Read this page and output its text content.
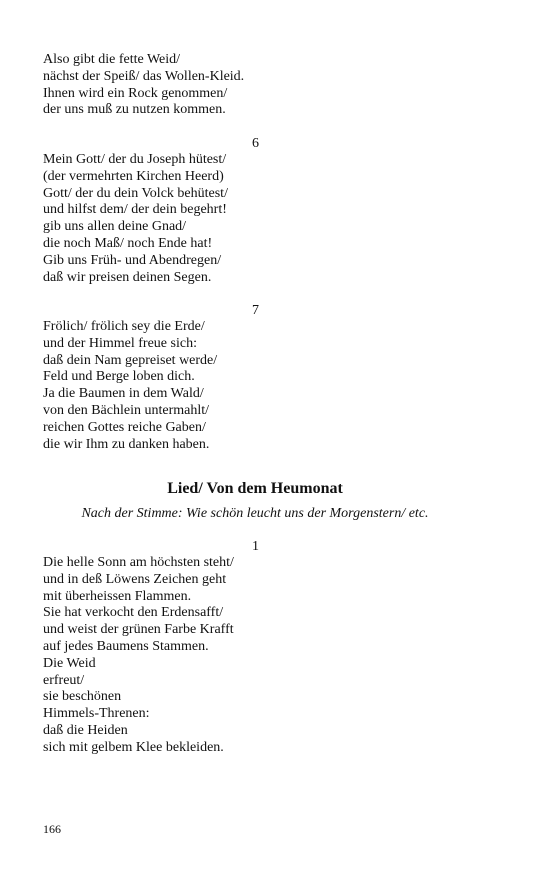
Also gibt die fette Weid/
nächst der Speiß/ das Wollen-Kleid.
Ihnen wird ein Rock genommen/
der uns muß zu nutzen kommen.
6
Mein Gott/ der du Joseph hütest/
(der vermehrten Kirchen Heerd)
Gott/ der du dein Volck behütest/
und hilfst dem/ der dein begehrt!
gib uns allen deine Gnad/
die noch Maß/ noch Ende hat!
Gib uns Früh- und Abendregen/
daß wir preisen deinen Segen.
7
Frölich/ frölich sey die Erde/
und der Himmel freue sich:
daß dein Nam gepreiset werde/
Feld und Berge loben dich.
Ja die Baumen in dem Wald/
von den Bächlein untermahlt/
reichen Gottes reiche Gaben/
die wir Ihm zu danken haben.
Lied/ Von dem Heumonat
Nach der Stimme: Wie schön leucht uns der Morgenstern/ etc.
1
Die helle Sonn am höchsten steht/
und in deß Löwens Zeichen geht
mit überheissen Flammen.
Sie hat verkocht den Erdensafft/
und weist der grünen Farbe Krafft
auf jedes Baumens Stammen.
Die Weid
erfreut/
sie beschönen
Himmels-Threnen:
daß die Heiden
sich mit gelbem Klee bekleiden.
166
